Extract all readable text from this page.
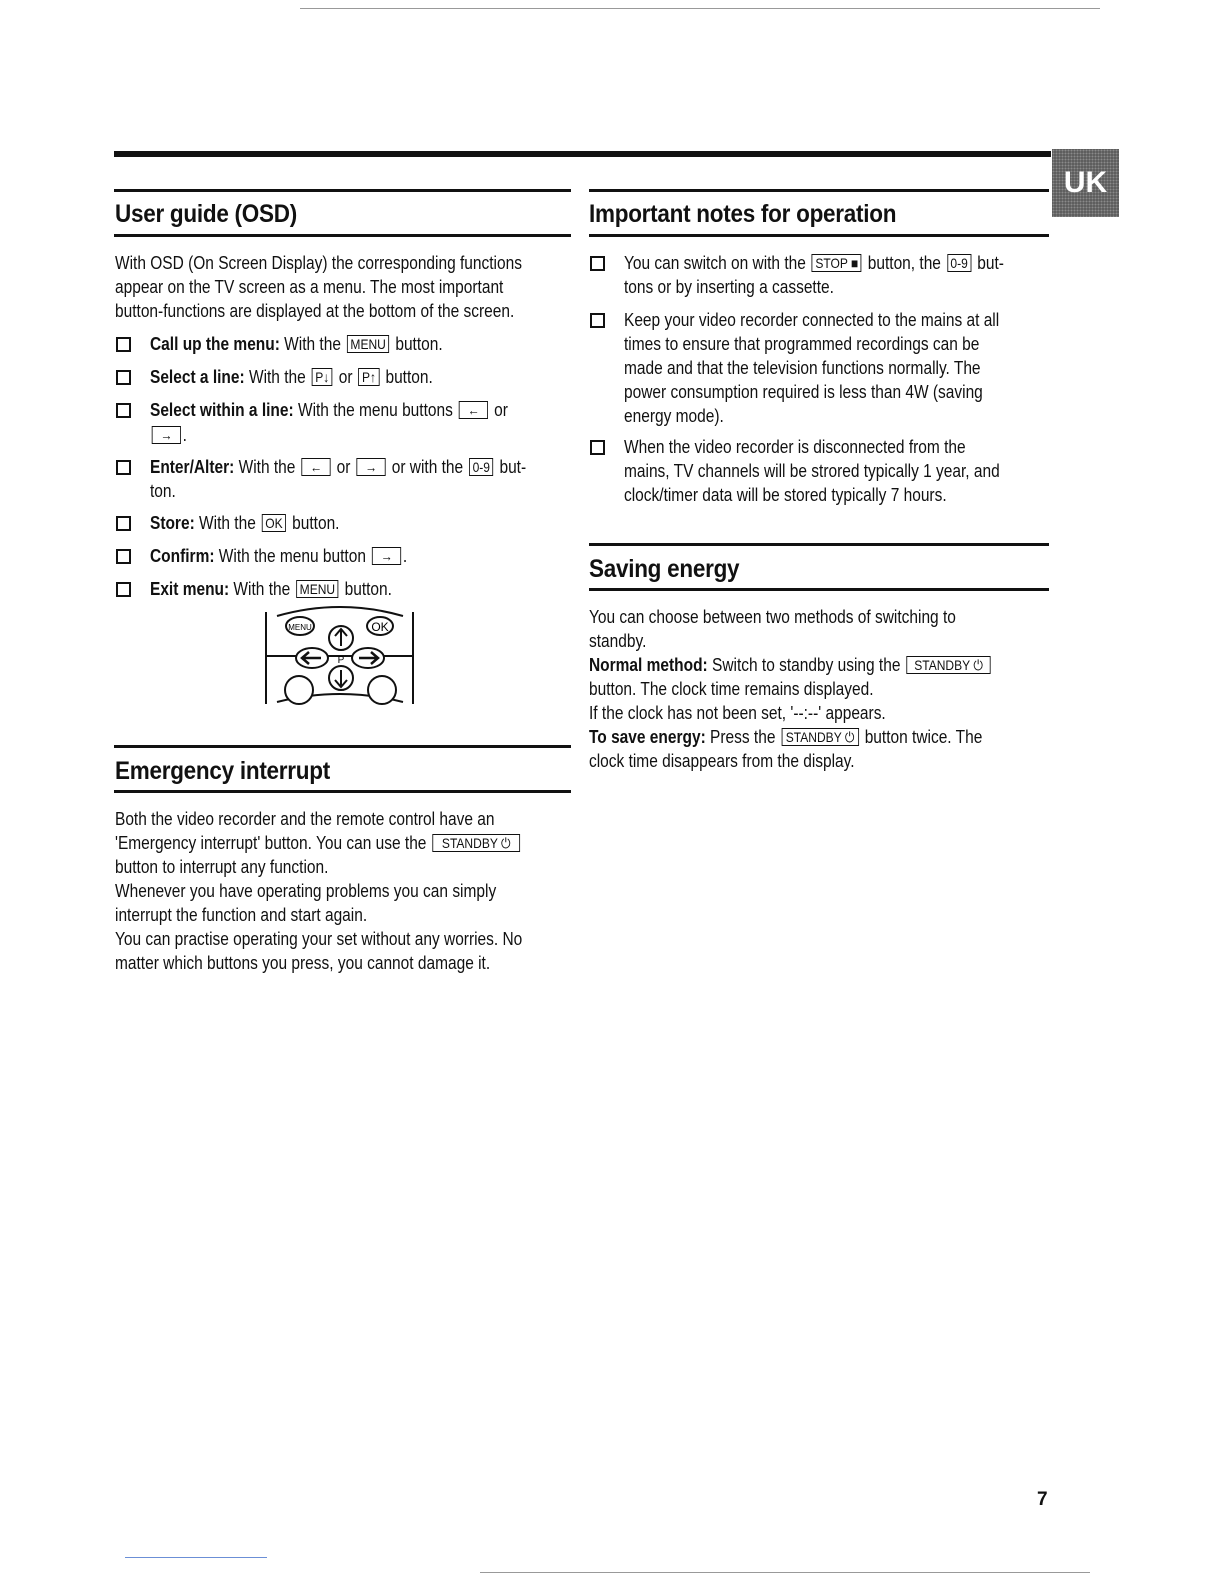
UK
User guide (OSD)
With OSD (On Screen Display) the corresponding functions
appear on the TV screen as a menu. The most important
button-functions are displayed at the bottom of the screen.
Call up the menu: With the MENU button.
Select a line: With the P↓ or P↑ button.
Select within a line: With the menu buttons ← or
→ .
Enter/Alter: With the ← or → or with the 0-9 but-
ton.
Store: With the OK button.
Confirm: With the menu button → .
Exit menu: With the MENU button.
MENU	OK
P
Emergency interrupt
Both the video recorder and the remote control have an
'Emergency interrupt' button. You can use the STANDBY ⏻
button to interrupt any function.
Whenever you have operating problems you can simply
interrupt the function and start again.
You can practise operating your set without any worries. No
matter which buttons you press, you cannot damage it.
Important notes for operation
You can switch on with the STOP ■ button, the 0-9 but-
tons or by inserting a cassette.
Keep your video recorder connected to the mains at all
times to ensure that programmed recordings can be
made and that the television functions normally. The
power consumption required is less than 4W (saving
energy mode).
When the video recorder is disconnected from the
mains, TV channels will be strored typically 1 year, and
clock/timer data will be stored typically 7 hours.
Saving energy
You can choose between two methods of switching to
standby.
Normal method: Switch to standby using the STANDBY ⏻
button. The clock time remains displayed.
If the clock has not been set, '--:--' appears.
To save energy: Press the STANDBY ⏻ button twice. The
clock time disappears from the display.
7
